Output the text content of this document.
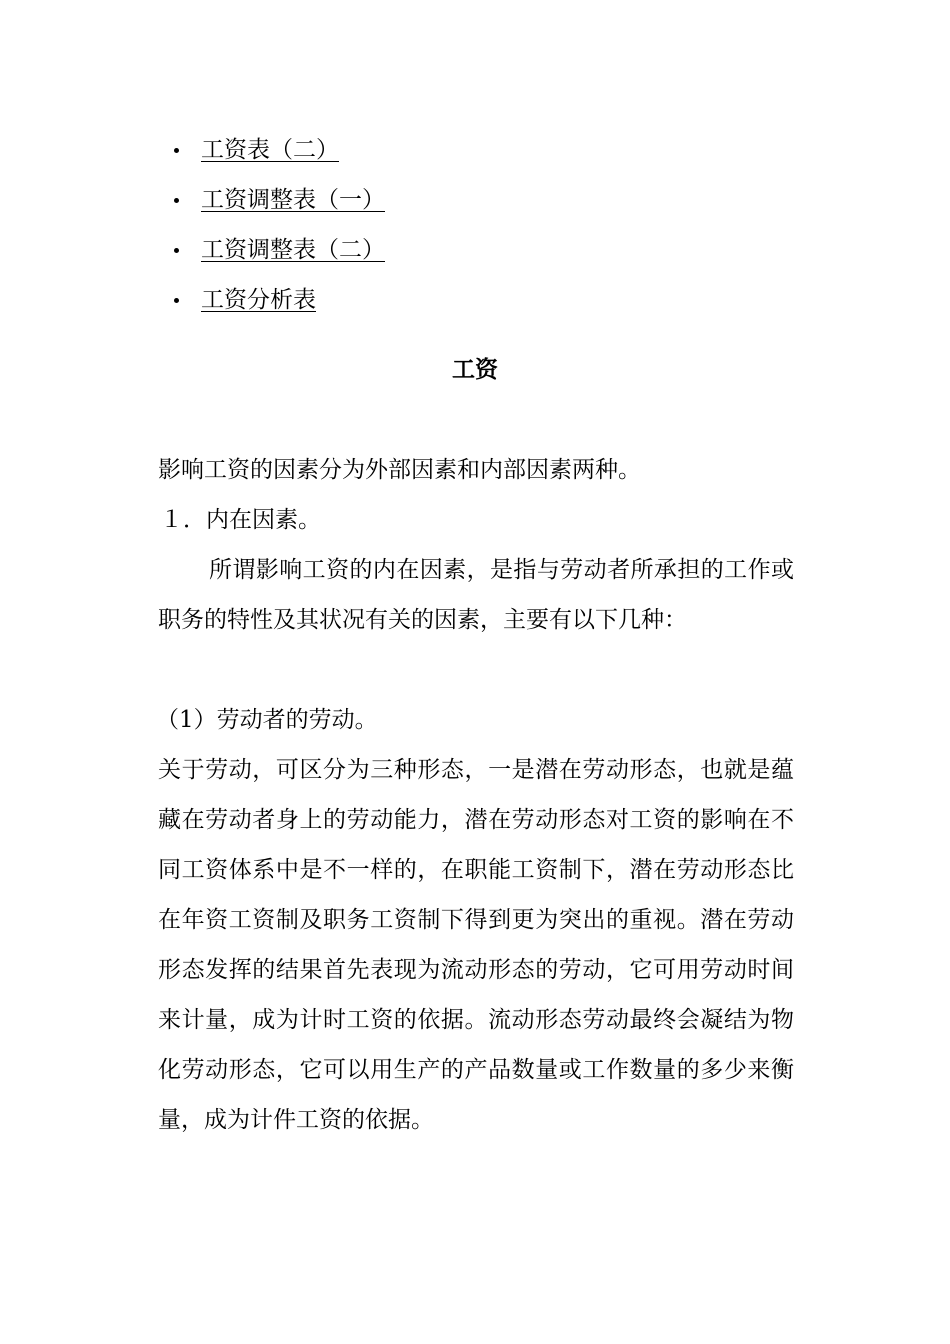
工资表（二）
工资调整表（一）
工资调整表（二）
工资分析表
工资

影响工资的因素分为外部因素和内部因素两种。

１．内在因素。

所谓影响工资的内在因素，是指与劳动者所承担的工作或职务的特性及其状况有关的因素，主要有以下几种：

（1）劳动者的劳动。

关于劳动，可区分为三种形态，一是潜在劳动形态，也就是蕴藏在劳动者身上的劳动能力，潜在劳动形态对工资的影响在不同工资体系中是不一样的，在职能工资制下，潜在劳动形态比在年资工资制及职务工资制下得到更为突出的重视。潜在劳动形态发挥的结果首先表现为流动形态的劳动，它可用劳动时间来计量，成为计时工资的依据。流动形态劳动最终会凝结为物化劳动形态，它可以用生产的产品数量或工作数量的多少来衡量，成为计件工资的依据。
